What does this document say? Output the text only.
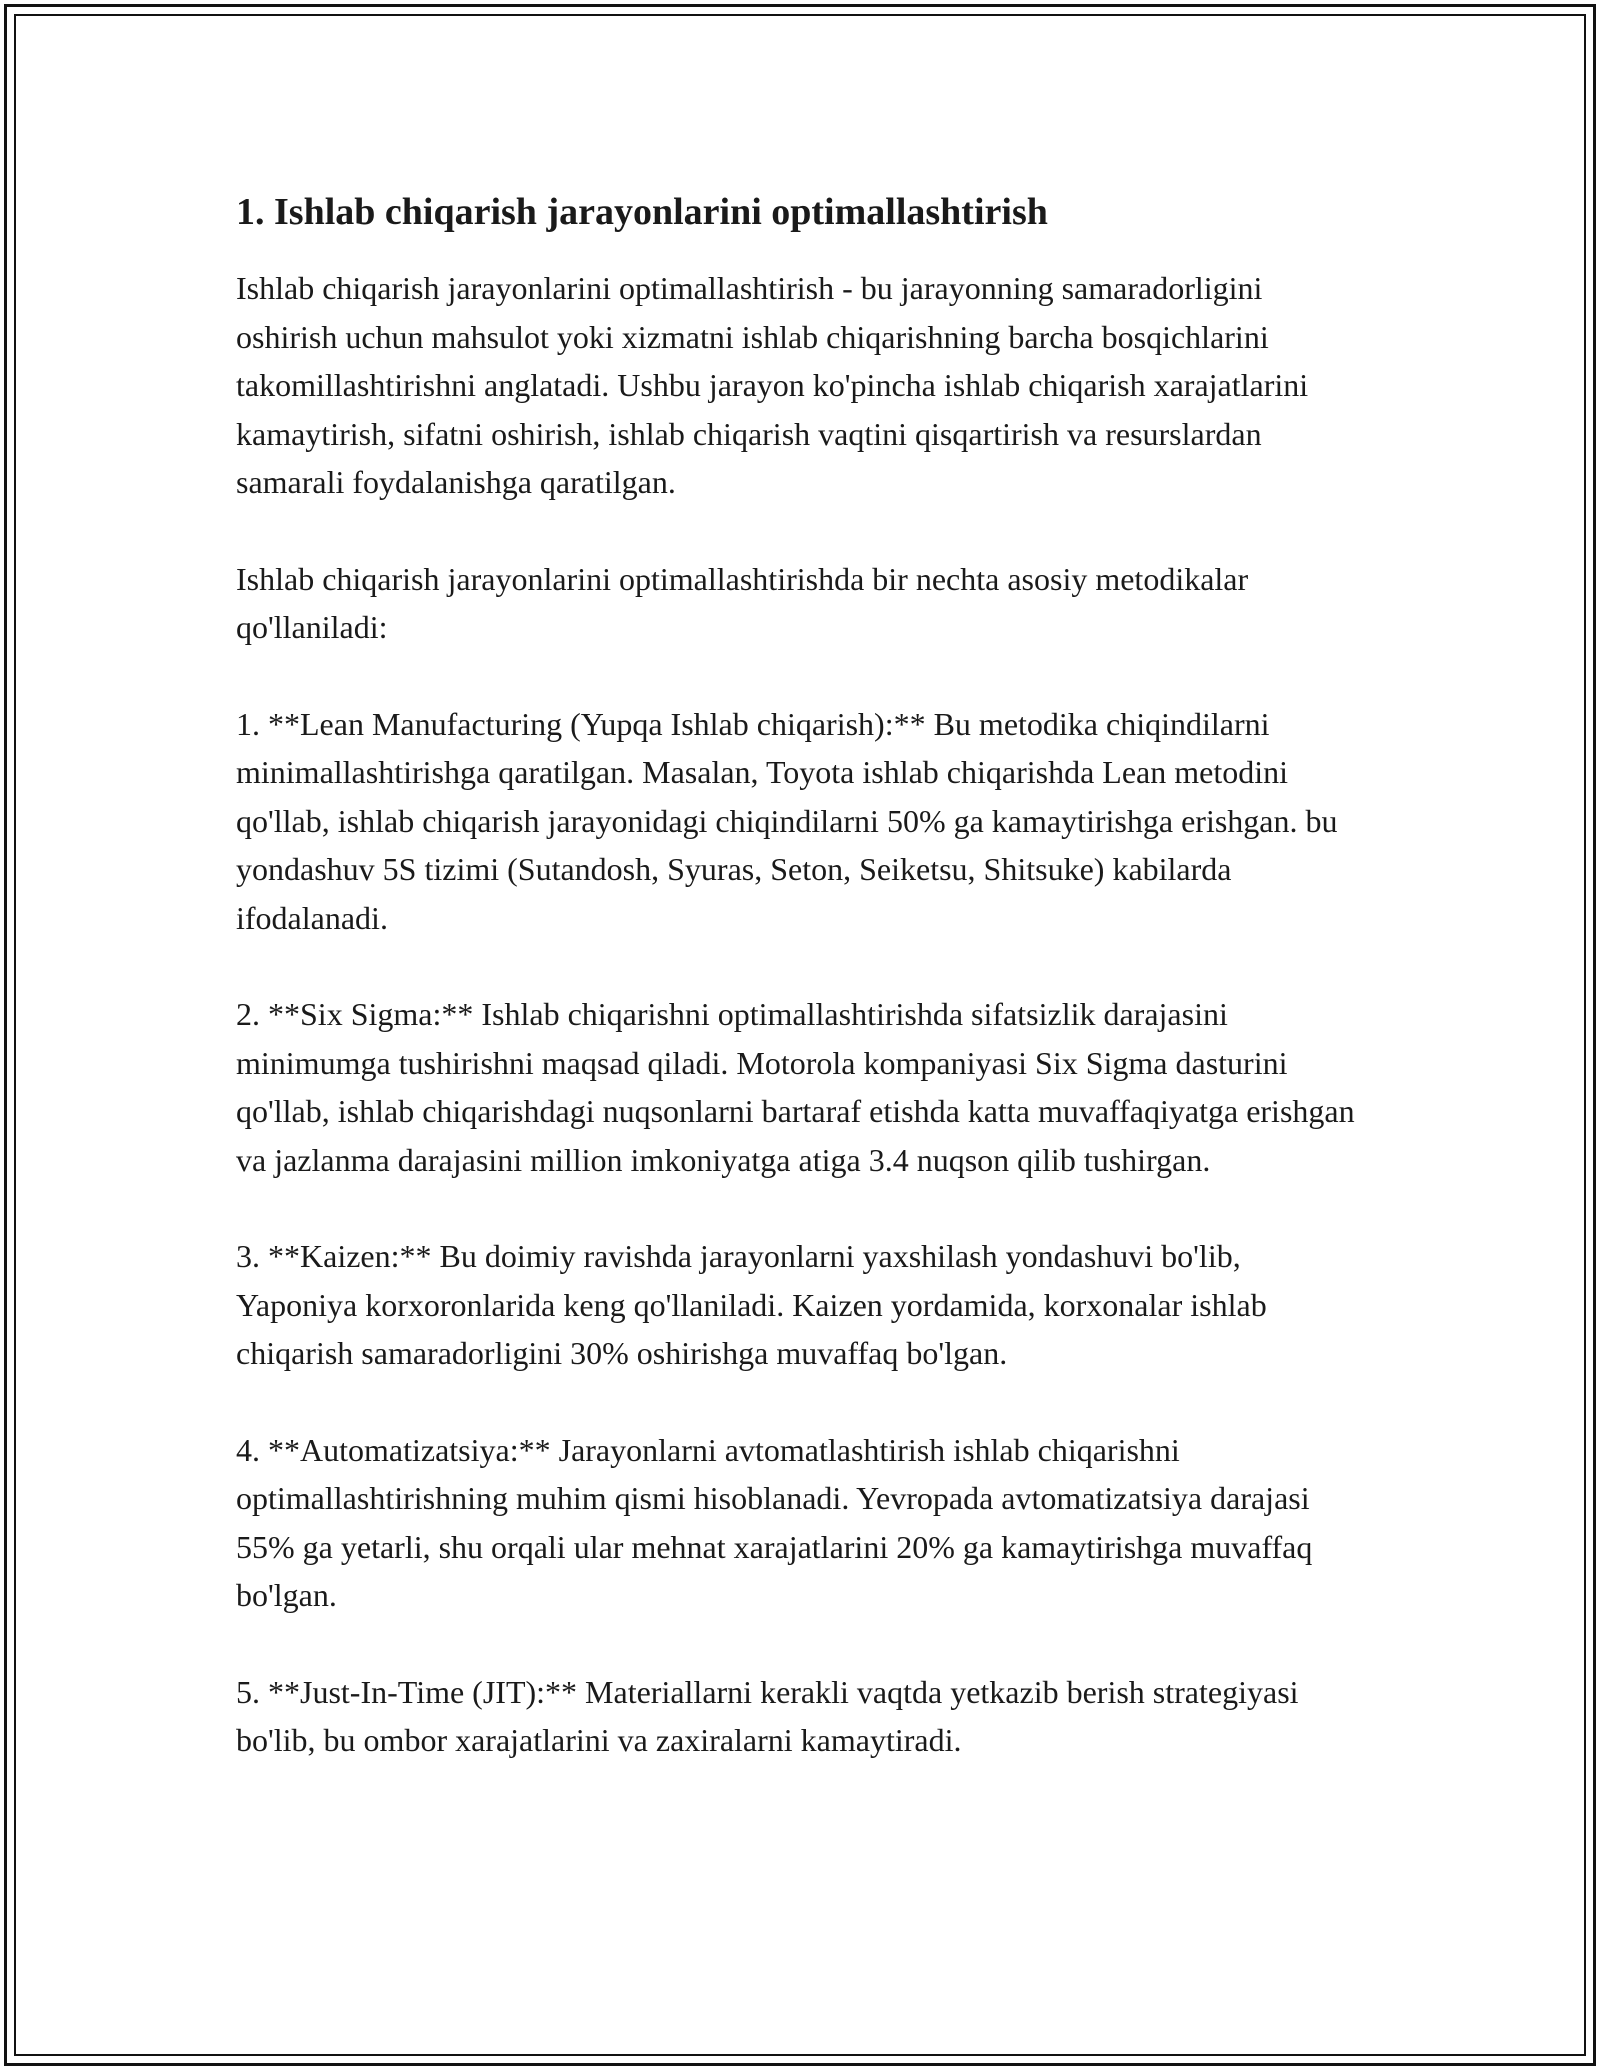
1. Ishlab chiqarish jarayonlarini optimallashtirish

Ishlab chiqarish jarayonlarini optimallashtirish - bu jarayonning samaradorligini oshirish uchun mahsulot yoki xizmatni ishlab chiqarishning barcha bosqichlarini takomillashtirishni anglatadi. Ushbu jarayon ko'pincha ishlab chiqarish xarajatlarini kamaytirish, sifatni oshirish, ishlab chiqarish vaqtini qisqartirish va resurslardan samarali foydalanishga qaratilgan.

Ishlab chiqarish jarayonlarini optimallashtirishda bir nechta asosiy metodikalar qo'llaniladi:

1. **Lean Manufacturing (Yupqa Ishlab chiqarish):** Bu metodika chiqindilarni minimallashtirishga qaratilgan. Masalan, Toyota ishlab chiqarishda Lean metodini qo'llab, ishlab chiqarish jarayonidagi chiqindilarni 50% ga kamaytirishga erishgan. bu yondashuv 5S tizimi (Sutandosh, Syuras, Seton, Seiketsu, Shitsuke) kabilarda ifodalanadi.

2. **Six Sigma:** Ishlab chiqarishni optimallashtirishda sifatsizlik darajasini minimumga tushirishni maqsad qiladi. Motorola kompaniyasi Six Sigma dasturini qo'llab, ishlab chiqarishdagi nuqsonlarni bartaraf etishda katta muvaffaqiyatga erishgan va jazlanma darajasini million imkoniyatga atiga 3.4 nuqson qilib tushirgan.

3. **Kaizen:** Bu doimiy ravishda jarayonlarni yaxshilash yondashuvi bo'lib, Yaponiya korxoronlarida keng qo'llaniladi. Kaizen yordamida, korxonalar ishlab chiqarish samaradorligini 30% oshirishga muvaffaq bo'lgan.

4. **Automatizatsiya:** Jarayonlarni avtomatlashtirish ishlab chiqarishni optimallashtirishning muhim qismi hisoblanadi. Yevropada avtomatizatsiya darajasi 55% ga yetarli, shu orqali ular mehnat xarajatlarini 20% ga kamaytirishga muvaffaq bo'lgan.

5. **Just-In-Time (JIT):** Materiallarni kerakli vaqtda yetkazib berish strategiyasi bo'lib, bu ombor xarajatlarini va zaxiralarni kamaytiradi.
